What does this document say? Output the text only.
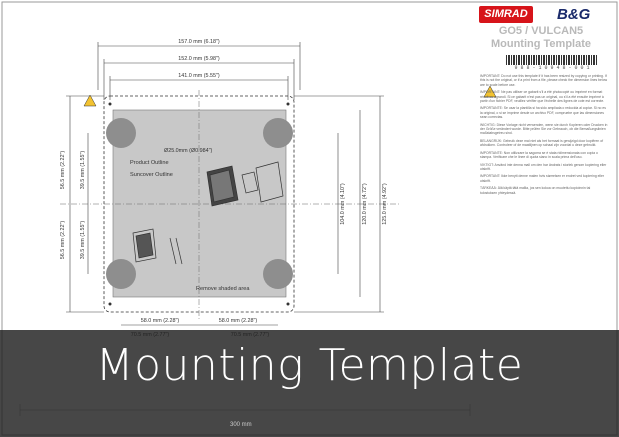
157.0 mm (6.18")
152.0 mm (5.98")
141.0 mm (5.55")
56.5 mm (2.22")
56.5 mm (2.22")
39.5 mm (1.55")
39.5 mm (1.55")
104.0 mm (4.10")	120.0 mm (4.72")	125.0 mm (4.92")
58.0 mm (2.28")	58.0 mm (2.28")
Ø25.0mm (Ø0.984")
Product Outline
Suncover Outline
Remove shaded area
SIMRAD	B&G
GO5 / VULCAN5
Mounting Template
9 8 8 - 1 0 9 4 8 - 0 0 1

IMPORTANT: Do not use this template if it has been resized by copying or printing. If this is not the original, or if a print from a file, please check the dimension lines below are to scale before use.

IMPORTANT: Ne pas utiliser ce gabarit s'il a été photocopié ou imprimé en format réduit ou agrandi. Si ce gabarit n'est pas un original, ou s'il a été ensuite imprimé à partir d'un fichier PDF, veuillez vérifier que l'échelle des lignes de cote est correcte.

IMPORTANTE: Se usar la plantilla si ha sido ampliada o reducida al copiar. Si no es la original, o si se imprime desde un archivo PDF, compruebe que las dimensiones sean correctas.

WICHTIG: Diese Vorlage nicht verwenden, wenn sie durch Kopieren oder Drucken in der Größe verändert wurde. Bitte prüfen Sie vor Gebrauch, ob die Bemaßungslinien maßstabsgetreu sind.

BELANGRIJK: Gebruik deze mal niet als het formaat is gewijzigd door kopiëren of afdrukken. Controleer of de maatlijnen op schaal zijn voordat u deze gebruikt.

IMPORTANTE: Non utilizzare la sagoma se è stata ridimensionata con copia o stampa. Verificare che le linee di quota siano in scala prima dell'uso.

VIKTIGT: Använd inte denna mall om den har ändrats i storlek genom kopiering eller utskrift.

IMPORTANT: Ikke benytt denne malen hvis størrelsen er endret ved kopiering eller utskrift.

TÄRKEÄÄ: Älä käytä tätä mallia, jos sen kokoa on muutettu kopioinnin tai tulostuksen yhteydessä.

Mounting Template
300 mm
